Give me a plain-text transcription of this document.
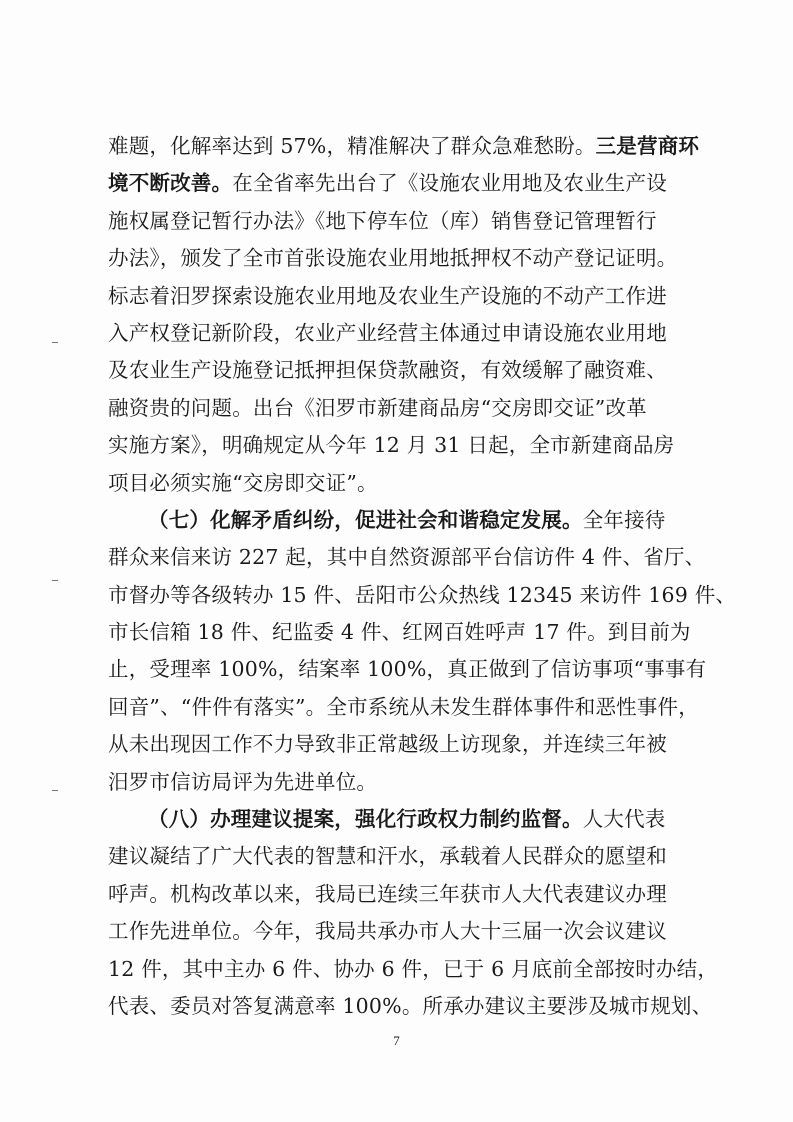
难题，化解率达到 57%，精准解决了群众急难愁盼。三是营商环
境不断改善。在全省率先出台了《设施农业用地及农业生产设
施权属登记暂行办法》《地下停车位（库）销售登记管理暂行
办法》，颁发了全市首张设施农业用地抵押权不动产登记证明。
标志着汨罗探索设施农业用地及农业生产设施的不动产工作进
入产权登记新阶段，农业产业经营主体通过申请设施农业用地
及农业生产设施登记抵押担保贷款融资，有效缓解了融资难、
融资贵的问题。出台《汨罗市新建商品房“交房即交证”改革
实施方案》，明确规定从今年 12 月 31 日起，全市新建商品房
项目必须实施“交房即交证”。
（七）化解矛盾纠纷，促进社会和谐稳定发展。全年接待
群众来信来访 227 起，其中自然资源部平台信访件 4 件、省厅、
市督办等各级转办 15 件、岳阳市公众热线 12345 来访件 169 件、
市长信箱 18 件、纪监委 4 件、红网百姓呼声 17 件。到目前为
止，受理率 100%，结案率 100%，真正做到了信访事项“事事有
回音”、“件件有落实”。全市系统从未发生群体事件和恶性事件，
从未出现因工作不力导致非正常越级上访现象，并连续三年被
汨罗市信访局评为先进单位。
（八）办理建议提案，强化行政权力制约监督。人大代表
建议凝结了广大代表的智慧和汗水，承载着人民群众的愿望和
呼声。机构改革以来，我局已连续三年获市人大代表建议办理
工作先进单位。今年，我局共承办市人大十三届一次会议建议
12 件，其中主办 6 件、协办 6 件，已于 6 月底前全部按时办结，
代表、委员对答复满意率 100%。所承办建议主要涉及城市规划、
7
